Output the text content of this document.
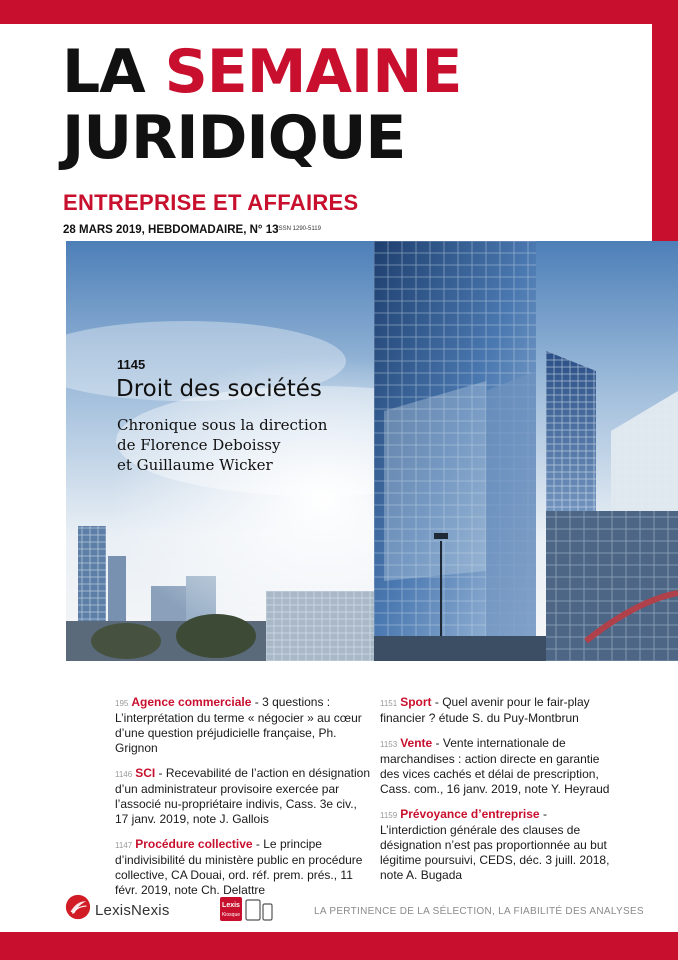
LA SEMAINE
JURIDIQUE
ENTREPRISE ET AFFAIRES
28 MARS 2019, HEBDOMADAIRE, N° 13
ISSN 1290-5119
1145
Droit des sociétés
Chronique sous la direction
de Florence Deboissy
et Guillaume Wicker
195 Agence commerciale - 3 questions : L’interprétation du terme « négocier » au cœur d’une question préjudicielle française, Ph. Grignon
1146 SCI - Recevabilité de l’action en désignation d’un administrateur provisoire exercée par l’associé nu-propriétaire indivis, Cass. 3e civ., 17 janv. 2019, note J. Gallois
1147 Procédure collective - Le principe d’indivisibilité du ministère public en procédure collective, CA Douai, ord. réf. prem. prés., 11 févr. 2019, note Ch. Delattre
1151 Sport - Quel avenir pour le fair-play financier ? étude S. du Puy-Montbrun
1153 Vente - Vente internationale de marchandises : action directe en garantie des vices cachés et délai de prescription, Cass. com., 16 janv. 2019, note Y. Heyraud
1159 Prévoyance d’entreprise - L’interdiction générale des clauses de désignation n’est pas proportionnée au but légitime poursuivi, CEDS, déc. 3 juill. 2018, note A. Bugada
LexisNexis	Lexis
Kiosque	LA PERTINENCE DE LA SÉLECTION, LA FIABILITÉ DES ANALYSES
